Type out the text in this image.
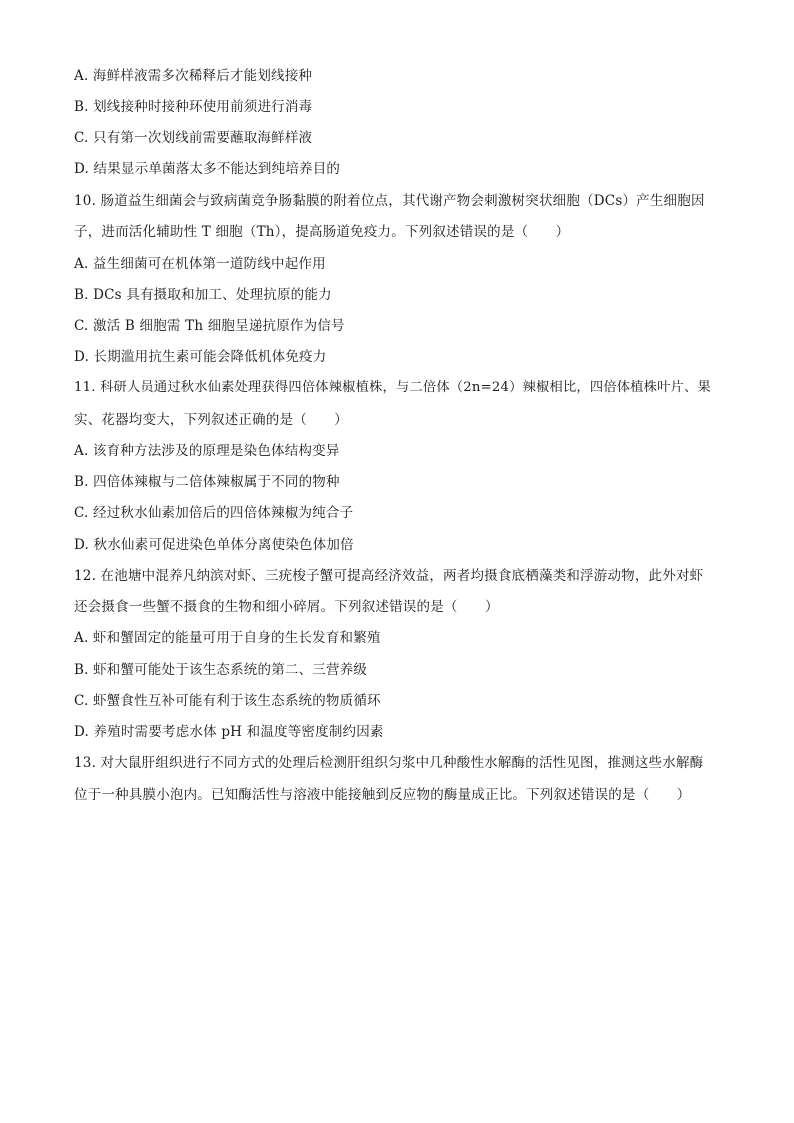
A. 海鲜样液需多次稀释后才能划线接种
B. 划线接种时接种环使用前须进行消毒
C. 只有第一次划线前需要蘸取海鲜样液
D. 结果显示单菌落太多不能达到纯培养目的
10. 肠道益生细菌会与致病菌竞争肠黏膜的附着位点，其代谢产物会刺激树突状细胞（DCs）产生细胞因
子，进而活化辅助性 T 细胞（Th），提高肠道免疫力。下列叙述错误的是（　　）
A. 益生细菌可在机体第一道防线中起作用
B. DCs 具有摄取和加工、处理抗原的能力
C. 激活 B 细胞需 Th 细胞呈递抗原作为信号
D. 长期滥用抗生素可能会降低机体免疫力
11. 科研人员通过秋水仙素处理获得四倍体辣椒植株，与二倍体（2n=24）辣椒相比，四倍体植株叶片、果
实、花器均变大，下列叙述正确的是（　　）
A. 该育种方法涉及的原理是染色体结构变异
B. 四倍体辣椒与二倍体辣椒属于不同的物种
C. 经过秋水仙素加倍后的四倍体辣椒为纯合子
D. 秋水仙素可促进染色单体分离使染色体加倍
12. 在池塘中混养凡纳滨对虾、三疣梭子蟹可提高经济效益，两者均摄食底栖藻类和浮游动物，此外对虾
还会摄食一些蟹不摄食的生物和细小碎屑。下列叙述错误的是（　　）
A. 虾和蟹固定的能量可用于自身的生长发育和繁殖
B. 虾和蟹可能处于该生态系统的第二、三营养级
C. 虾蟹食性互补可能有利于该生态系统的物质循环
D. 养殖时需要考虑水体 pH 和温度等密度制约因素
13. 对大鼠肝组织进行不同方式的处理后检测肝组织匀浆中几种酸性水解酶的活性见图，推测这些水解酶
位于一种具膜小泡内。已知酶活性与溶液中能接触到反应物的酶量成正比。下列叙述错误的是（　　）
